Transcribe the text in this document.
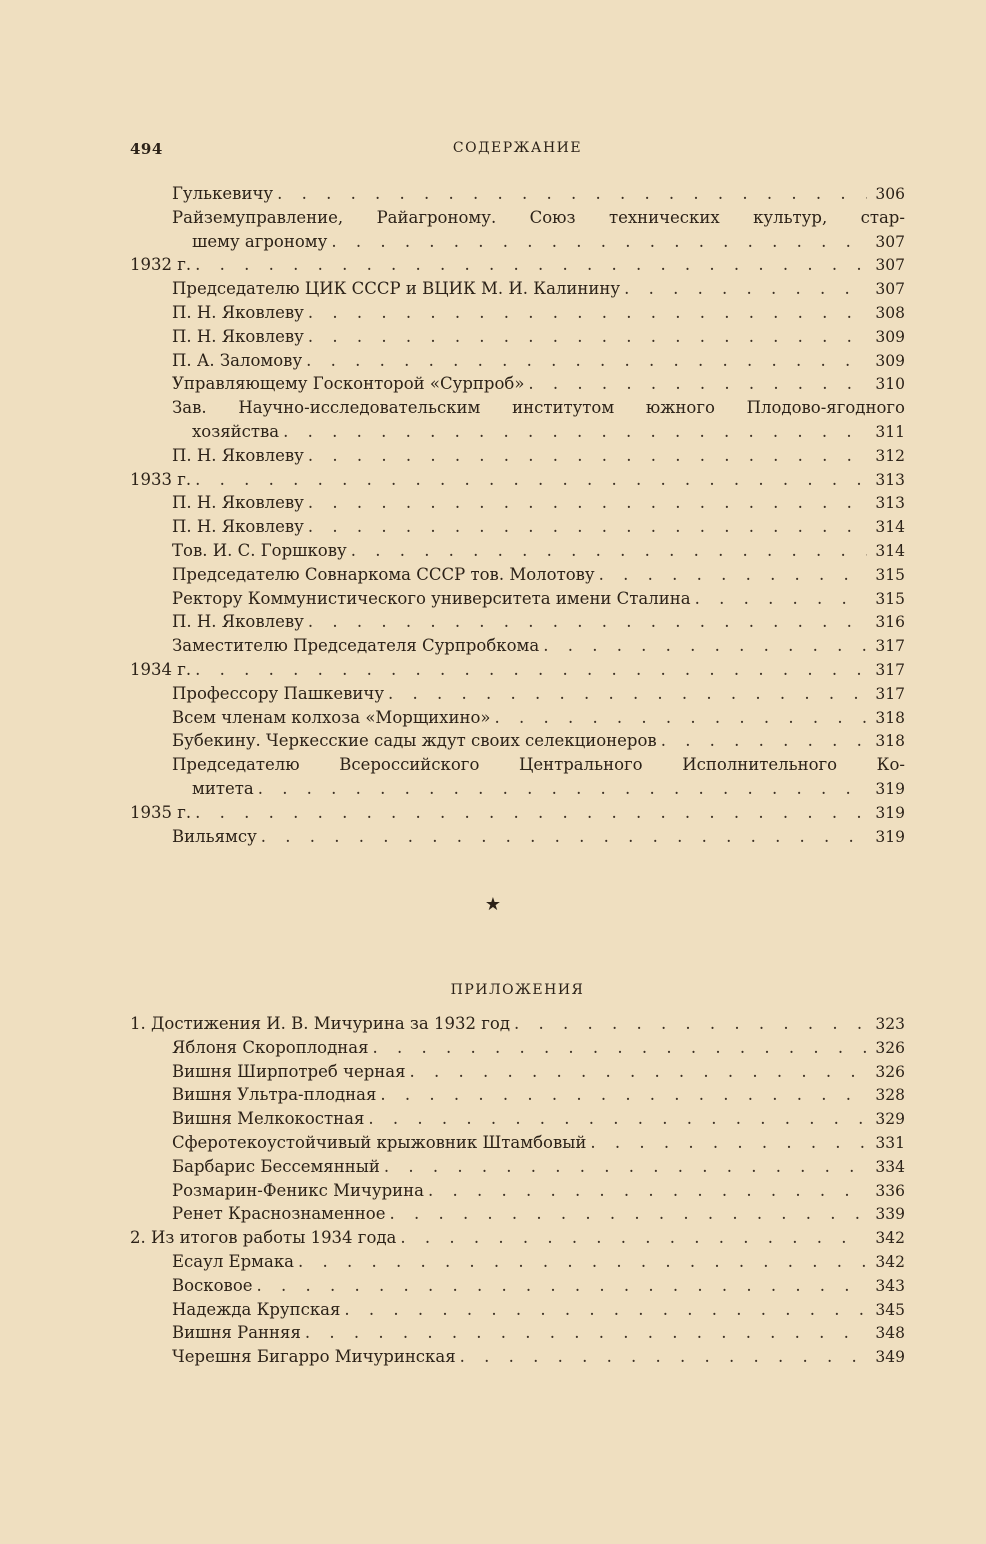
494	СОДЕРЖАНИЕ
Гулькевичу . . .	306
Райземуправление, Райагроному. Союз технических культур, стар-
шему агроному . . .	307
1932 г. . . .	307
Председателю ЦИК СССР и ВЦИК М. И. Калинину . . .	307
П. Н. Яковлеву . . .	308
П. Н. Яковлеву . . .	309
П. А. Заломову . . .	309
Управляющему Госконторой «Сурпроб» . . .	310
Зав. Научно-исследовательским институтом южного Плодово-ягодного
хозяйства . . .	311
П. Н. Яковлеву . . .	312
1933 г. . . .	313
П. Н. Яковлеву . . .	313
П. Н. Яковлеву . . .	314
Тов. И. С. Горшкову . . .	314
Председателю Совнаркома СССР тов. Молотову . . .	315
Ректору Коммунистического университета имени Сталина . . .	315
П. Н. Яковлеву . . .	316
Заместителю Председателя Сурпробкома . . .	317
1934 г. . . .	317
Профессору Пашкевичу . . .	317
Всем членам колхоза «Морщихино» . . .	318
Бубекину. Черкесские сады ждут своих селекционеров . . .	318
Председателю Всероссийского Центрального Исполнительного Ко-
митета . . .	319
1935 г. . . .	319
Вильямсу . . .	319
★
ПРИЛОЖЕНИЯ
1. Достижения И. В. Мичурина за 1932 год . . .	323
Яблоня Скороплодная . . .	326
Вишня Ширпотреб черная . . .	326
Вишня Ультра-плодная . . .	328
Вишня Мелкокостная . . .	329
Сферотекоустойчивый крыжовник Штамбовый . . .	331
Барбарис Бессемянный . . .	334
Розмарин-Феникс Мичурина . . .	336
Ренет Краснознаменное . . .	339
2. Из итогов работы 1934 года . . .	342
Есаул Ермака . . .	342
Восковое . . .	343
Надежда Крупская . . .	345
Вишня Ранняя . . .	348
Черешня Бигарро Мичуринская . . .	349
